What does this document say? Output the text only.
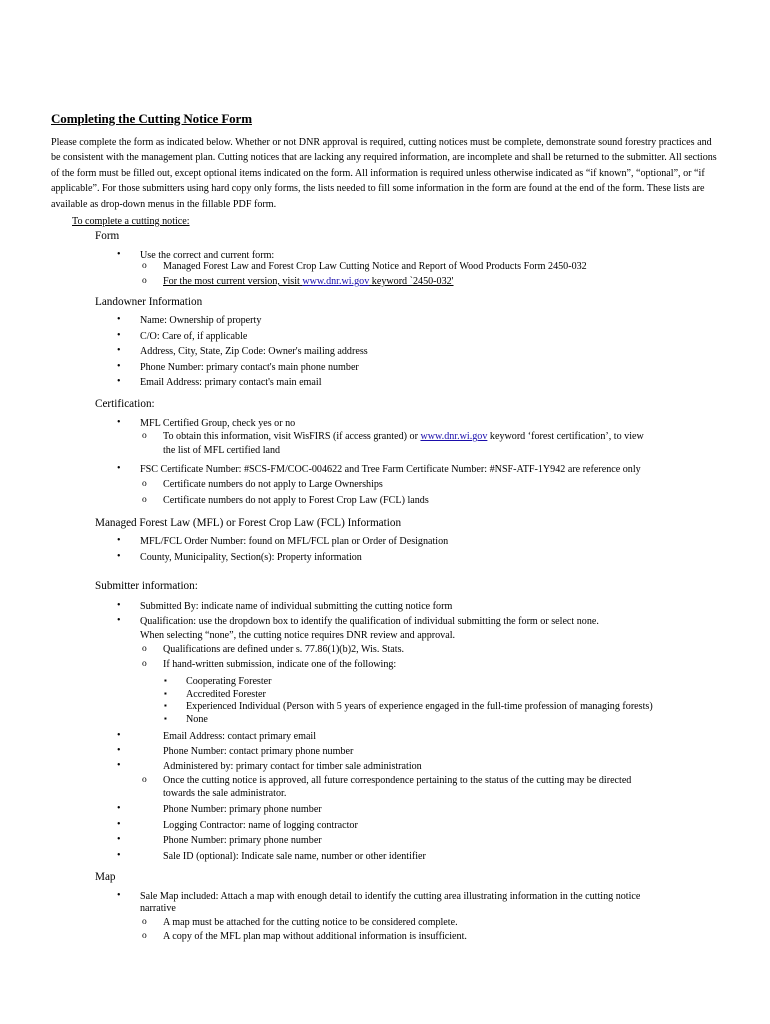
Completing the Cutting Notice Form

Please complete the form as indicated below. Whether or not DNR approval is required, cutting notices must be complete, demonstrate sound forestry practices and be consistent with the management plan. Cutting notices that are lacking any required information, are incomplete and shall be returned to the submitter. All sections of the form must be filled out, except optional items indicated on the form. All information is required unless otherwise indicated as “if known”, “optional”, or “if applicable”. For those submitters using hard copy only forms, the lists needed to fill some information in the form are found at the end of the form. These lists are available as drop-down menus in the fillable PDF form.

To complete a cutting notice:

Form

• Use the correct and current form:

o Managed Forest Law and Forest Crop Law Cutting Notice and Report of Wood Products Form 2450-032

o For the most current version, visit www.dnr.wi.gov keyword `2450-032'

Landowner Information

• Name: Ownership of property

• C/O: Care of, if applicable

• Address, City, State, Zip Code: Owner's mailing address

• Phone Number: primary contact's main phone number

• Email Address: primary contact's main email

Certification:

• MFL Certified Group, check yes or no

o To obtain this information, visit WisFIRS (if access granted) or www.dnr.wi.gov keyword ‘forest certification’, to view

the list of MFL certified land

• FSC Certificate Number: #SCS-FM/COC-004622 and Tree Farm Certificate Number: #NSF-ATF-1Y942 are reference only

o Certificate numbers do not apply to Large Ownerships

o Certificate numbers do not apply to Forest Crop Law (FCL) lands

Managed Forest Law (MFL) or Forest Crop Law (FCL) Information

• MFL/FCL Order Number: found on MFL/FCL plan or Order of Designation

• County, Municipality, Section(s): Property information

Submitter information:

• Submitted By: indicate name of individual submitting the cutting notice form

• Qualification: use the dropdown box to identify the qualification of individual submitting the form or select none.

When selecting “none”, the cutting notice requires DNR review and approval.

o Qualifications are defined under s. 77.86(1)(b)2, Wis. Stats.

o If hand-written submission, indicate one of the following:

▪ Cooperating Forester

▪ Accredited Forester

▪ Experienced Individual (Person with 5 years of experience engaged in the full-time profession of managing forests)

▪ None

•	Email Address: contact primary email

•	Phone Number: contact primary phone number

•	Administered by: primary contact for timber sale administration

o Once the cutting notice is approved, all future correspondence pertaining to the status of the cutting may be directed

towards the sale administrator.

•	Phone Number: primary phone number

•	Logging Contractor: name of logging contractor

•	Phone Number: primary phone number

•	Sale ID (optional): Indicate sale name, number or other identifier

Map

• Sale Map included: Attach a map with enough detail to identify the cutting area illustrating information in the cutting notice

narrative

o A map must be attached for the cutting notice to be considered complete.

o A copy of the MFL plan map without additional information is insufficient.
